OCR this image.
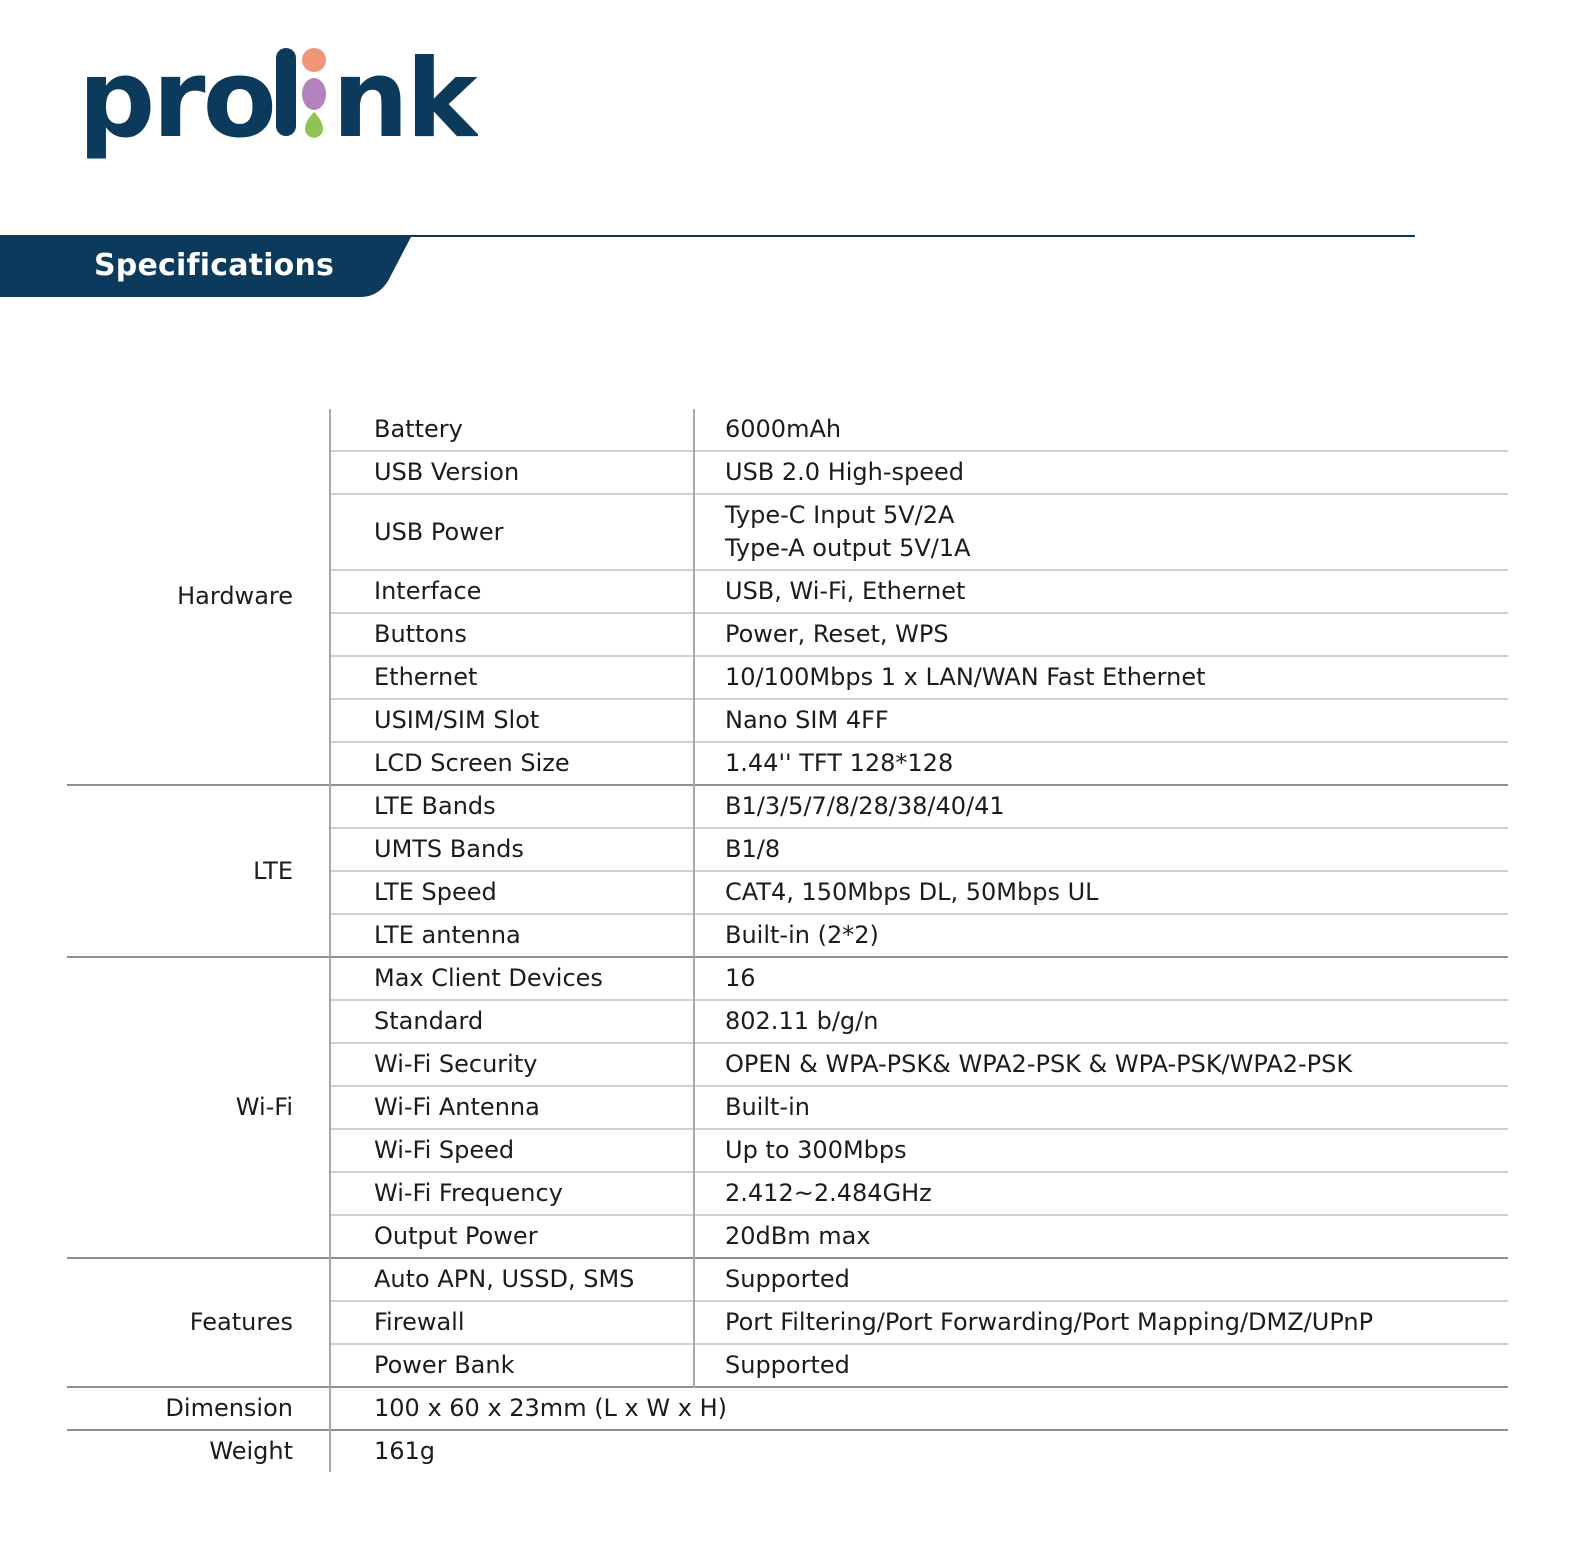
pro nk
Specifications
Hardware	Battery	6000mAh
	USB Version	USB 2.0 High-speed
	USB Power	Type-C Input 5V/2A
Type-A output 5V/1A

	Interface	USB, Wi-Fi, Ethernet
	Buttons	Power, Reset, WPS
	Ethernet	10/100Mbps 1 x LAN/WAN Fast Ethernet
	USIM/SIM Slot	Nano SIM 4FF
	LCD Screen Size	1.44'' TFT 128*128
LTE	LTE Bands	B1/3/5/7/8/28/38/40/41
	UMTS Bands	B1/8
	LTE Speed	CAT4, 150Mbps DL, 50Mbps UL
	LTE antenna	Built-in (2*2)
Wi-Fi	Max Client Devices	16
	Standard	802.11 b/g/n
	Wi-Fi Security	OPEN & WPA-PSK& WPA2-PSK & WPA-PSK/WPA2-PSK
	Wi-Fi Antenna	Built-in
	Wi-Fi Speed	Up to 300Mbps
	Wi-Fi Frequency	2.412~2.484GHz
	Output Power	20dBm max
Features	Auto APN, USSD, SMS	Supported
	Firewall	Port Filtering/Port Forwarding/Port Mapping/DMZ/UPnP
	Power Bank	Supported
Dimension	100 x 60 x 23mm (L x W x H)	
Weight	161g	
